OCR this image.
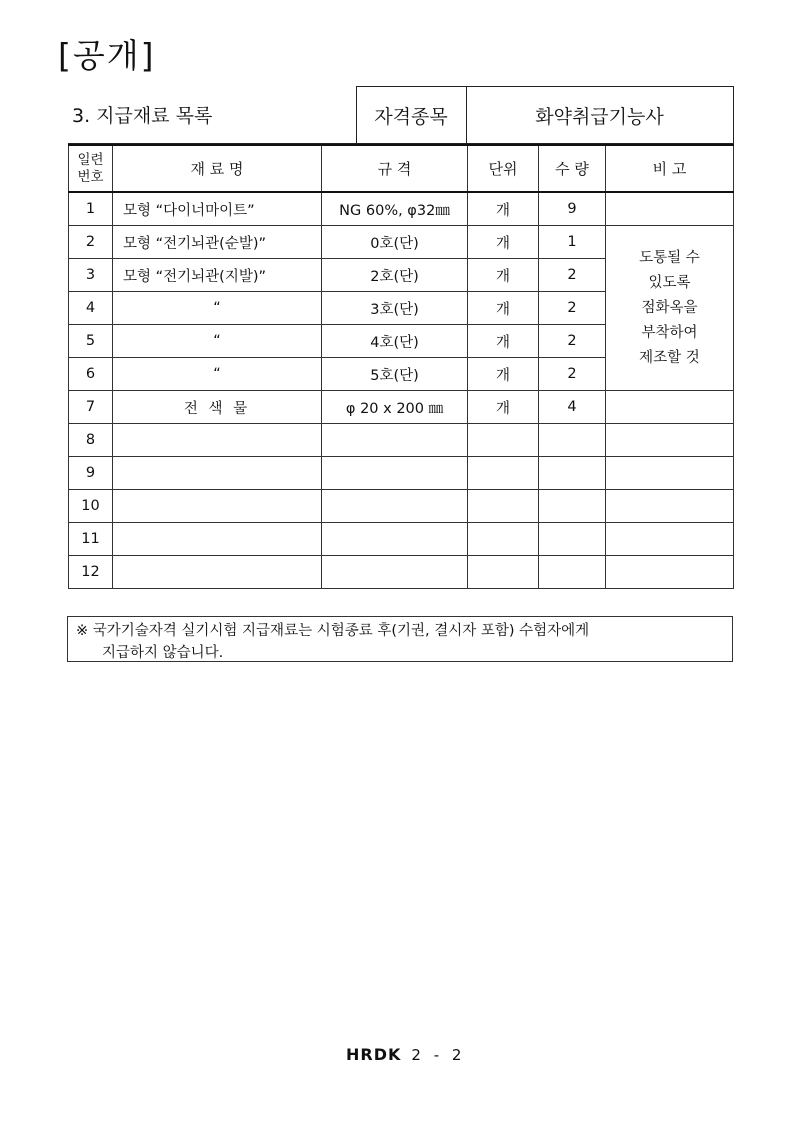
[공개]
3. 지급재료 목록	자격종목	화약취급기능사
일련
번호	재 료 명	규 격	단위	수 량	비 고
1	모형 “다이너마이트”	NG 60%, φ32㎜	개	9	
2	모형 “전기뇌관(순발)”	0호(단)	개	1	도통될 수
있도록
점화옥을
부착하여
제조할 것
3	모형 “전기뇌관(지발)”	2호(단)	개	2	
4	“	3호(단)	개	2	
5	“	4호(단)	개	2	
6	“	5호(단)	개	2	
7	전 색 물	φ 20 x 200 ㎜	개	4	
8					
9					
10					
11					
12					
※ 국가기술자격 실기시험 지급재료는 시험종료 후(기권, 결시자 포함) 수험자에게

지급하지 않습니다.
HRDK 2 - 2
